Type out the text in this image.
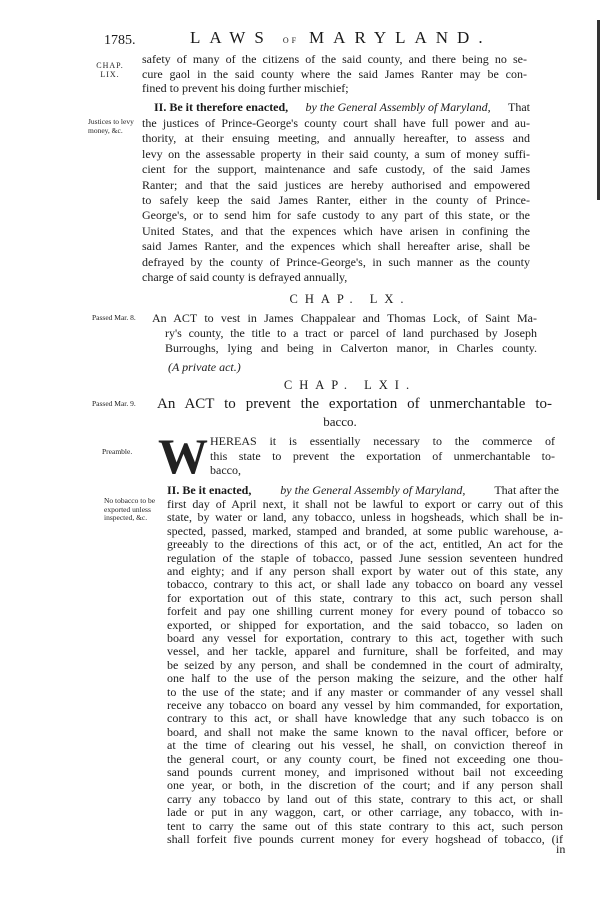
1785.	LAWS OF MARYLAND.
CHAP.
LIX.
Justices to levy money, &c.
Passed Mar. 8.
Passed Mar. 9.
Preamble.
No tobacco to be exported unless inspected, &c.
safety of many of the citizens of the said county, and there being no se-
cure gaol in the said county where the said James Ranter may be con-
fined to prevent his doing further mischief;
II. Be it therefore enacted, by the General Assembly of Maryland, That
the justices of Prince-George's county court shall have full power and au-
thority, at their ensuing meeting, and annually hereafter, to assess and
levy on the assessable property in their said county, a sum of money suffi-
cient for the support, maintenance and safe custody, of the said James
Ranter; and that the said justices are hereby authorised and empowered
to safely keep the said James Ranter, either in the county of Prince-
George's, or to send him for safe custody to any part of this state, or the
United States, and that the expences which have arisen in confining the
said James Ranter, and the expences which shall hereafter arise, shall be
defrayed by the county of Prince-George's, in such manner as the county
charge of said county is defrayed annually,
CHAP. LX.
An ACT to vest in James Chappalear and Thomas Lock, of Saint Ma-
ry's county, the title to a tract or parcel of land purchased by Joseph
Burroughs, lying and being in Calverton manor, in Charles county.
(A private act.)
CHAP. LXI.
An ACT to prevent the exportation of unmerchantable to-
bacco.
W HEREAS it is essentially necessary to the commerce of
this state to prevent the exportation of unmerchantable to-
bacco,
II. Be it enacted, by the General Assembly of Maryland, That after the
first day of April next, it shall not be lawful to export or carry out of this
state, by water or land, any tobacco, unless in hogsheads, which shall be in-
spected, passed, marked, stamped and branded, at some public warehouse, a-
greeably to the directions of this act, or of the act, entitled, An act for the
regulation of the staple of tobacco, passed June session seventeen hundred
and eighty; and if any person shall export by water out of this state, any
tobacco, contrary to this act, or shall lade any tobacco on board any vessel
for exportation out of this state, contrary to this act, such person shall
forfeit and pay one shilling current money for every pound of tobacco so
exported, or shipped for exportation, and the said tobacco, so laden on
board any vessel for exportation, contrary to this act, together with such
vessel, and her tackle, apparel and furniture, shall be forfeited, and may
be seized by any person, and shall be condemned in the court of admiralty,
one half to the use of the person making the seizure, and the other half
to the use of the state; and if any master or commander of any vessel shall
receive any tobacco on board any vessel by him commanded, for exportation,
contrary to this act, or shall have knowledge that any such tobacco is on
board, and shall not make the same known to the naval officer, before or
at the time of clearing out his vessel, he shall, on conviction thereof in
the general court, or any county court, be fined not exceeding one thou-
sand pounds current money, and imprisoned without bail not exceeding
one year, or both, in the discretion of the court; and if any person shall
carry any tobacco by land out of this state, contrary to this act, or shall
lade or put in any waggon, cart, or other carriage, any tobacco, with in-
tent to carry the same out of this state contrary to this act, such person
shall forfeit five pounds current money for every hogshead of tobacco, (if
in
